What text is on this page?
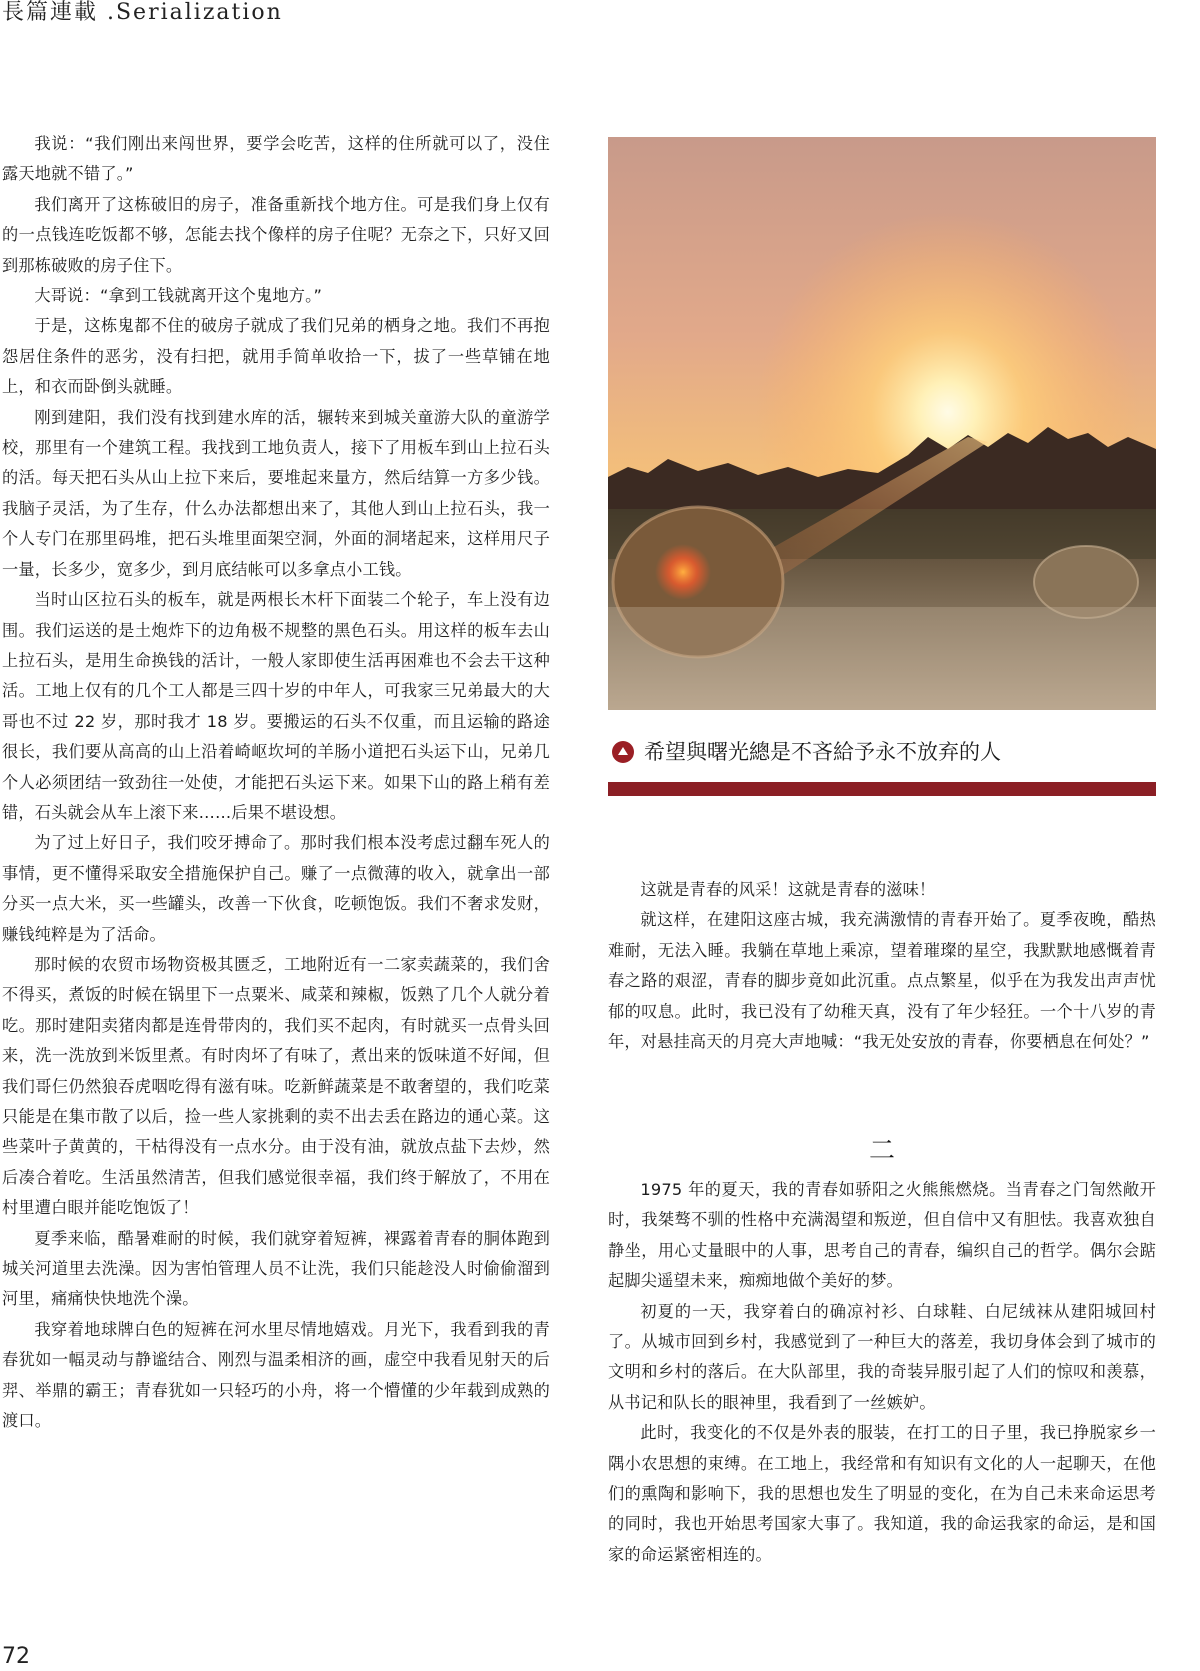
長篇連載 .Serialization

我说：“我们刚出来闯世界，要学会吃苦，这样的住所就可以了，没住露天地就不错了。”

我们离开了这栋破旧的房子，准备重新找个地方住。可是我们身上仅有的一点钱连吃饭都不够，怎能去找个像样的房子住呢？无奈之下，只好又回到那栋破败的房子住下。

大哥说：“拿到工钱就离开这个鬼地方。”

于是，这栋鬼都不住的破房子就成了我们兄弟的栖身之地。我们不再抱怨居住条件的恶劣，没有扫把，就用手简单收拾一下，拔了一些草铺在地上，和衣而卧倒头就睡。

刚到建阳，我们没有找到建水库的活，辗转来到城关童游大队的童游学校，那里有一个建筑工程。我找到工地负责人，接下了用板车到山上拉石头的活。每天把石头从山上拉下来后，要堆起来量方，然后结算一方多少钱。我脑子灵活，为了生存，什么办法都想出来了，其他人到山上拉石头，我一个人专门在那里码堆，把石头堆里面架空洞，外面的洞堵起来，这样用尺子一量，长多少，宽多少，到月底结帐可以多拿点小工钱。

当时山区拉石头的板车，就是两根长木杆下面装二个轮子，车上没有边围。我们运送的是土炮炸下的边角极不规整的黑色石头。用这样的板车去山上拉石头，是用生命换钱的活计，一般人家即使生活再困难也不会去干这种活。工地上仅有的几个工人都是三四十岁的中年人，可我家三兄弟最大的大哥也不过 22 岁，那时我才 18 岁。要搬运的石头不仅重，而且运输的路途很长，我们要从高高的山上沿着崎岖坎坷的羊肠小道把石头运下山，兄弟几个人必须团结一致劲往一处使，才能把石头运下来。如果下山的路上稍有差错，石头就会从车上滚下来……后果不堪设想。

为了过上好日子，我们咬牙搏命了。那时我们根本没考虑过翻车死人的事情，更不懂得采取安全措施保护自己。赚了一点微薄的收入，就拿出一部分买一点大米，买一些罐头，改善一下伙食，吃顿饱饭。我们不奢求发财，赚钱纯粹是为了活命。

那时候的农贸市场物资极其匮乏，工地附近有一二家卖蔬菜的，我们舍不得买，煮饭的时候在锅里下一点粟米、咸菜和辣椒，饭熟了几个人就分着吃。那时建阳卖猪肉都是连骨带肉的，我们买不起肉，有时就买一点骨头回来，洗一洗放到米饭里煮。有时肉坏了有味了，煮出来的饭味道不好闻，但我们哥仨仍然狼吞虎咽吃得有滋有味。吃新鲜蔬菜是不敢奢望的，我们吃菜只能是在集市散了以后，捡一些人家挑剩的卖不出去丢在路边的通心菜。这些菜叶子黄黄的，干枯得没有一点水分。由于没有油，就放点盐下去炒，然后凑合着吃。生活虽然清苦，但我们感觉很幸福，我们终于解放了，不用在村里遭白眼并能吃饱饭了！

夏季来临，酷暑难耐的时候，我们就穿着短裤，裸露着青春的胴体跑到城关河道里去洗澡。因为害怕管理人员不让洗，我们只能趁没人时偷偷溜到河里，痛痛快快地洗个澡。

我穿着地球牌白色的短裤在河水里尽情地嬉戏。月光下，我看到我的青春犹如一幅灵动与静谧结合、刚烈与温柔相济的画，虚空中我看见射天的后羿、举鼎的霸王；青春犹如一只轻巧的小舟，将一个懵懂的少年载到成熟的渡口。

希望與曙光總是不吝給予永不放弃的人

这就是青春的风采！这就是青春的滋味！

就这样，在建阳这座古城，我充满激情的青春开始了。夏季夜晚，酷热难耐，无法入睡。我躺在草地上乘凉，望着璀璨的星空，我默默地感慨着青春之路的艰涩，青春的脚步竟如此沉重。点点繁星，似乎在为我发出声声忧郁的叹息。此时，我已没有了幼稚天真，没有了年少轻狂。一个十八岁的青年，对悬挂高天的月亮大声地喊：“我无处安放的青春，你要栖息在何处？”

二

1975 年的夏天，我的青春如骄阳之火熊熊燃烧。当青春之门訇然敞开时，我桀骜不驯的性格中充满渴望和叛逆，但自信中又有胆怯。我喜欢独自静坐，用心丈量眼中的人事，思考自己的青春，编织自己的哲学。偶尔会踮起脚尖遥望未来，痴痴地做个美好的梦。

初夏的一天，我穿着白的确凉衬衫、白球鞋、白尼绒袜从建阳城回村了。从城市回到乡村，我感觉到了一种巨大的落差，我切身体会到了城市的文明和乡村的落后。在大队部里，我的奇装异服引起了人们的惊叹和羡慕，从书记和队长的眼神里，我看到了一丝嫉妒。

此时，我变化的不仅是外表的服装，在打工的日子里，我已挣脱家乡一隅小农思想的束缚。在工地上，我经常和有知识有文化的人一起聊天，在他们的熏陶和影响下，我的思想也发生了明显的变化，在为自己未来命运思考的同时，我也开始思考国家大事了。我知道，我的命运我家的命运，是和国家的命运紧密相连的。

72
